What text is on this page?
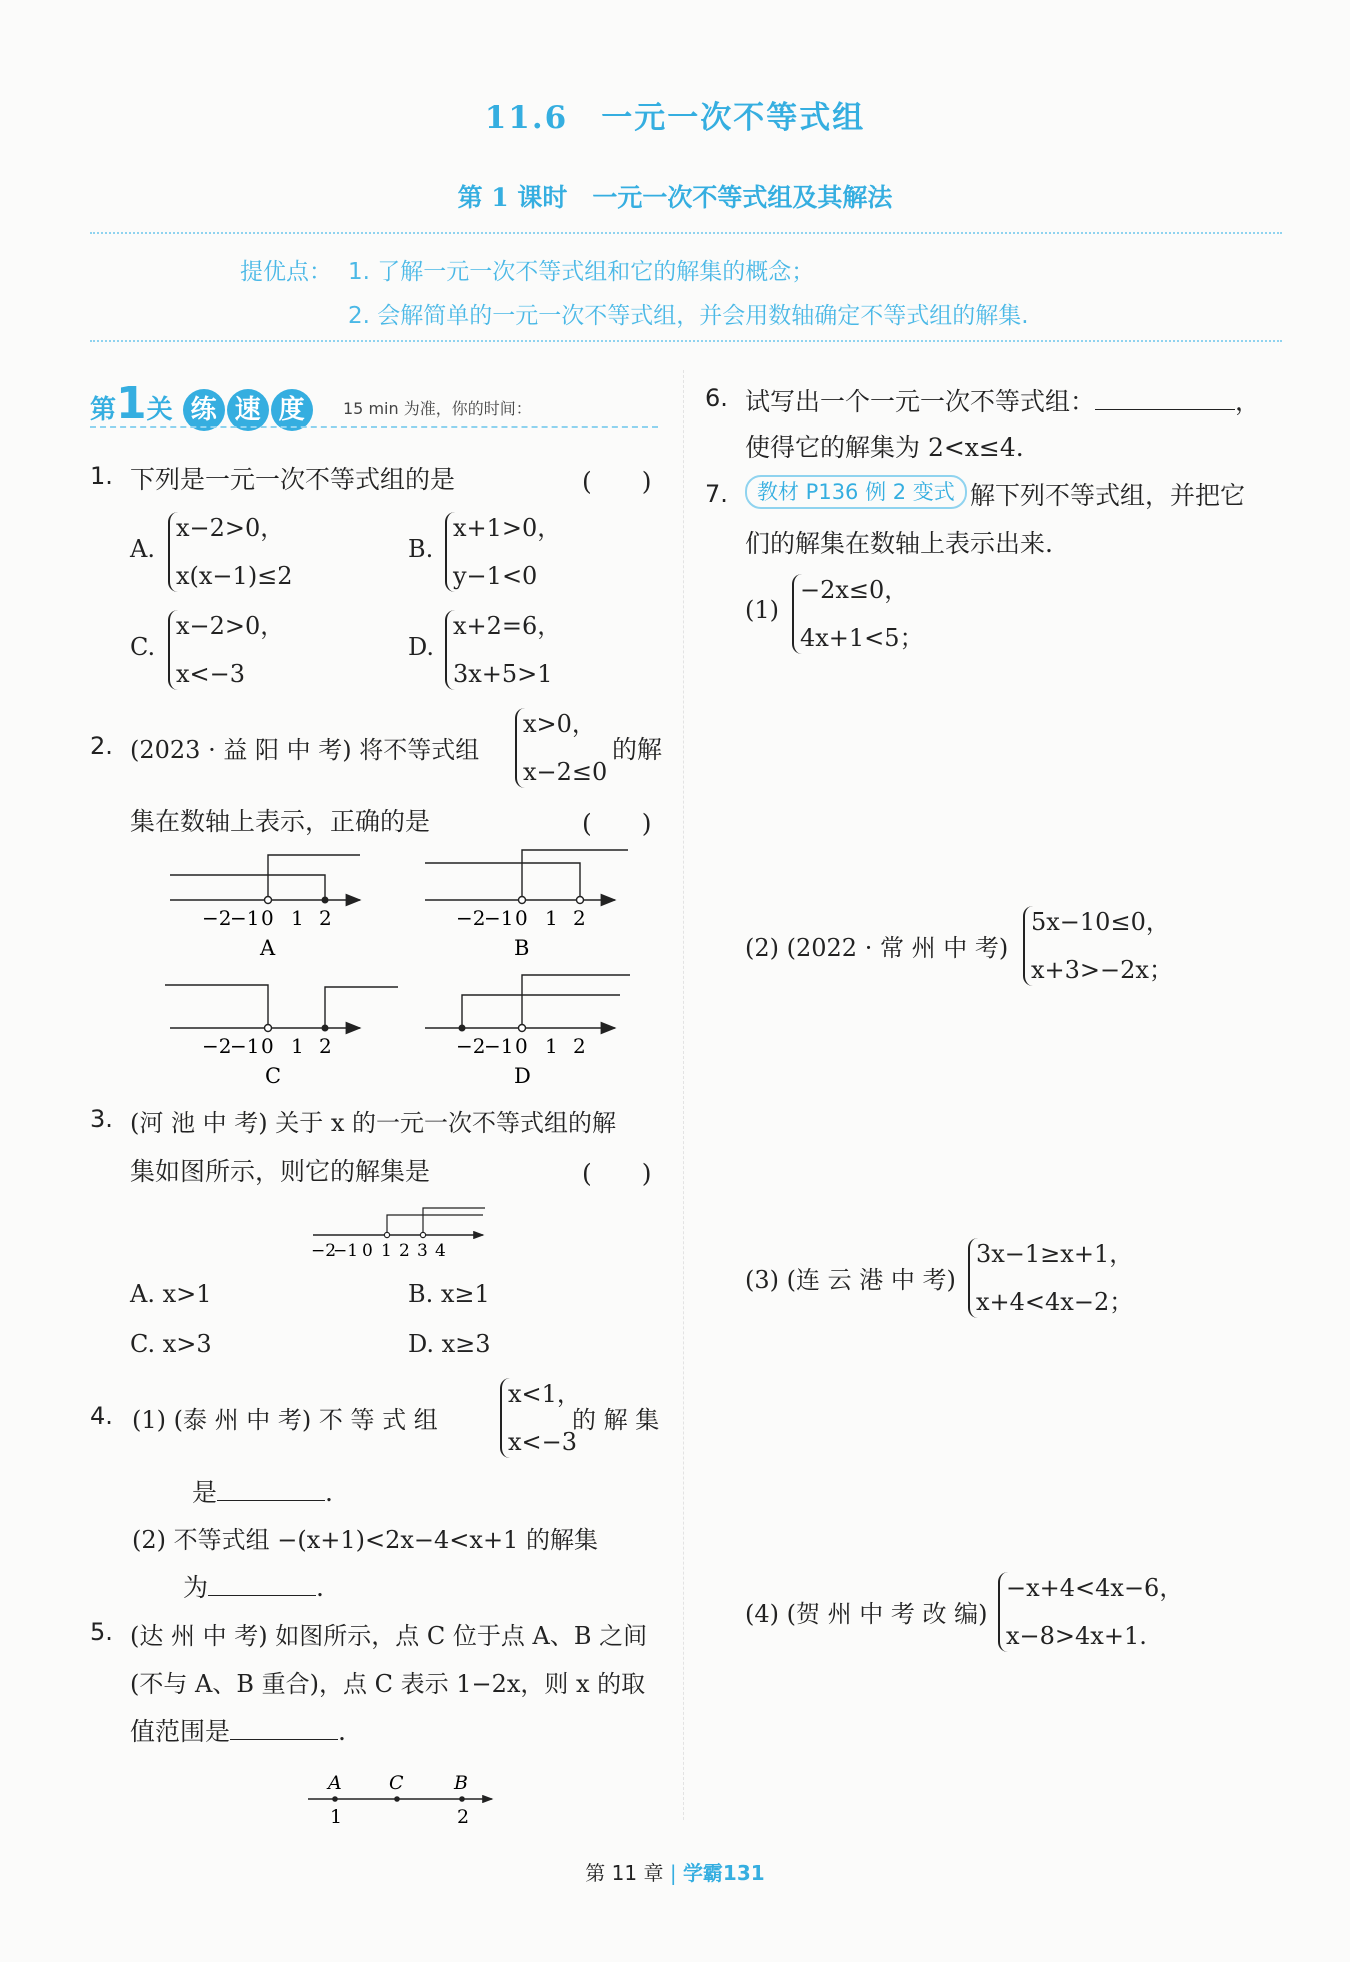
11.6　一元一次不等式组
第 1 课时　一元一次不等式组及其解法
提优点： 1. 了解一元一次不等式组和它的解集的概念；
2. 会解简单的一元一次不等式组，并会用数轴确定不等式组的解集.
第1关 练 速 度	15 min 为准，你的时间：
1. 下列是一元一次不等式组的是	(　　)
A.
x−2>0，
x(x−1)≤2
B.
x+1>0，
y−1<0
C.
x−2>0，
x<−3
D.
x+2=6，
3x+5>1
2. (2023 · 益 阳 中 考) 将不等式组
x>0，
x−2≤0
的解
集在数轴上表示，正确的是	(　　)
−2
−1 0 1 2
A
−2
−1 0 1 2
B
−2
−1 0 1 2
C
−2
−1 0 1 2
D
3. (河 池 中 考) 关于 x 的一元一次不等式组的解
集如图所示，则它的解集是	(　　)
−2
−1 0 1 2 3 4
A. x>1	B. x≥1
C. x>3	D. x≥3
4. (1) (泰 州 中 考) 不 等 式 组
x<1，
x<−3
的 解 集
是	.
(2) 不等式组 −(x+1)<2x−4<x+1 的解集
为	.
5. (达 州 中 考) 如图所示，点 C 位于点 A、B 之间
(不与 A、B 重合)，点 C 表示 1−2x，则 x 的取
值范围是	.
A C	B
1	2
6. 试写出一个一元一次不等式组：	，
使得它的解集为 2<x≤4.
7.	教材 P136 例 2 变式 解下列不等式组，并把它
们的解集在数轴上表示出来.
(1)
−2x≤0，
4x+1<5；
(2) (2022 · 常 州 中 考)
5x−10≤0，
x+3>−2x；
(3) (连 云 港 中 考)
3x−1≥x+1，
x+4<4x−2；
(4) (贺 州 中 考 改 编)
−x+4<4x−6，
x−8>4x+1.
第 11 章 | 学霸131
